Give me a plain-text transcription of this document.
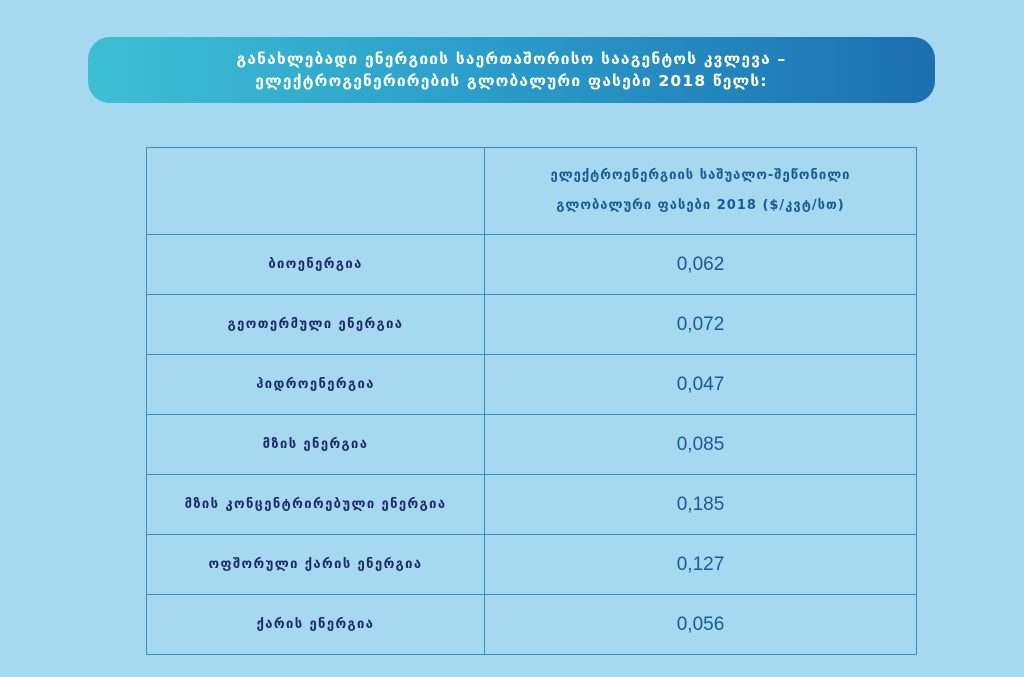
განახლებადი ენერგიის საერთაშორისო სააგენტოს კვლევა –
ელექტროგენერირების გლობალური ფასები 2018 წელს:

	ელექტროენერგიის საშუალო-შეწონილი
გლობალური ფასები 2018 ($/კვტ/სთ)

ბიოენერგია	0,062
გეოთერმული ენერგია	0,072
ჰიდროენერგია	0,047
მზის ენერგია	0,085
მზის კონცენტრირებული ენერგია	0,185
ოფშორული ქარის ენერგია	0,127
ქარის ენერგია	0,056
